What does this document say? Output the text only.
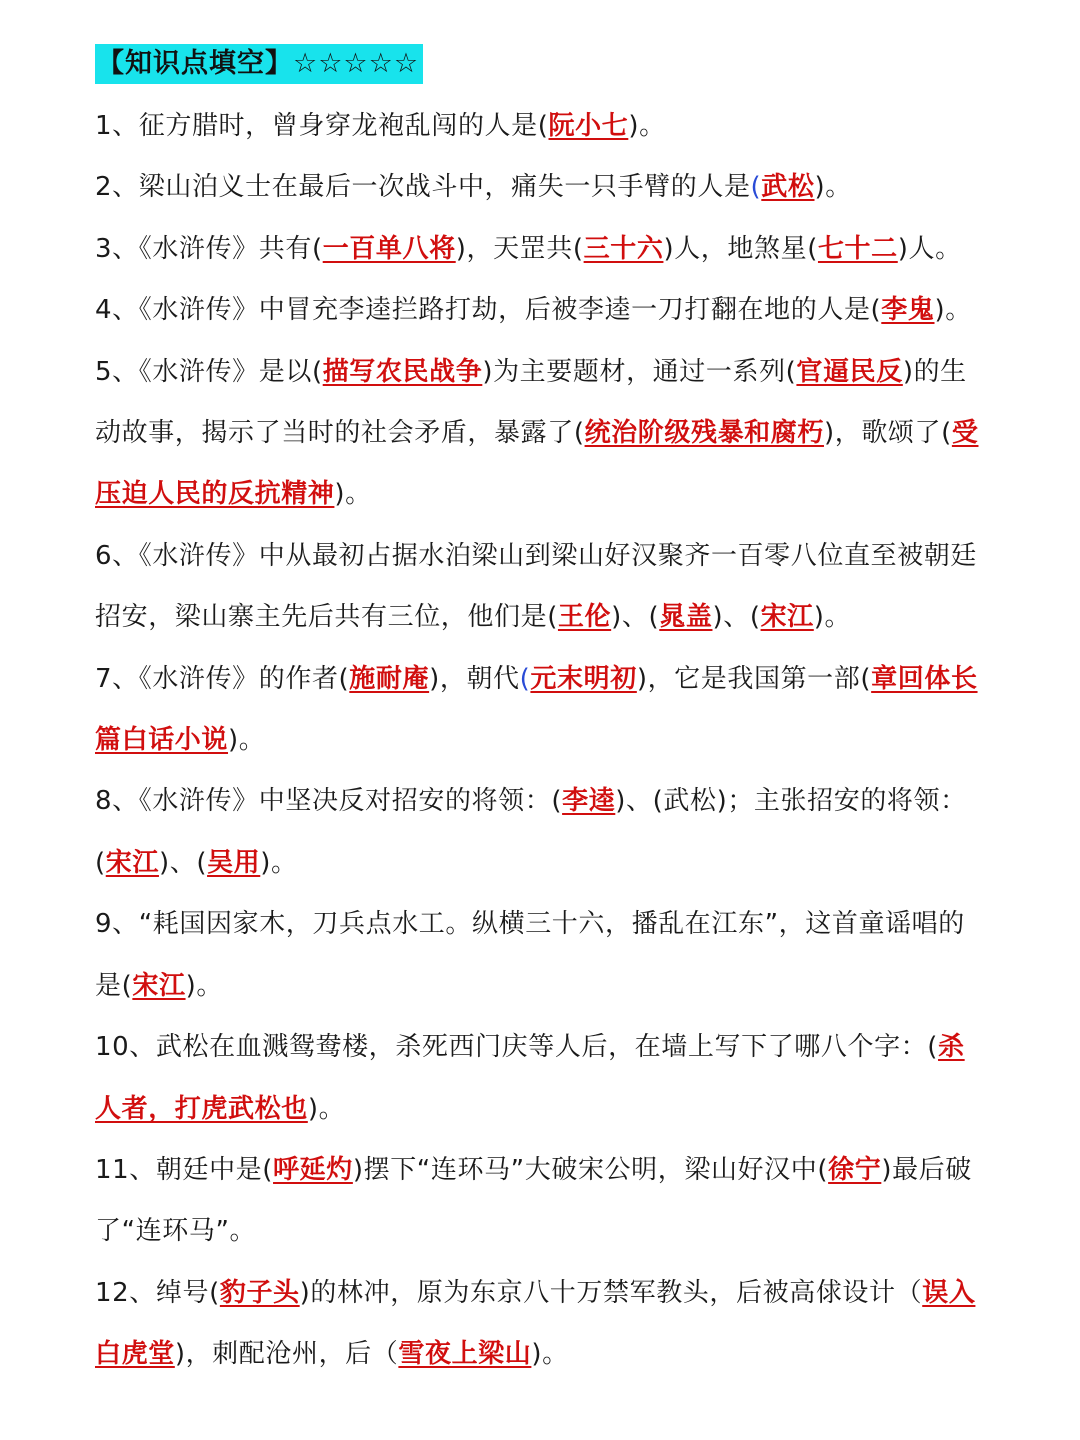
【知识点填空】☆☆☆☆☆
1、征方腊时，曾身穿龙袍乱闯的人是(阮小七)。
2、梁山泊义士在最后一次战斗中，痛失一只手臂的人是(武松)。
3、《水浒传》共有(一百单八将)，天罡共(三十六)人，地煞星(七十二)人。
4、《水浒传》中冒充李逵拦路打劫，后被李逵一刀打翻在地的人是(李鬼)。
5、《水浒传》是以(描写农民战争)为主要题材，通过一系列(官逼民反)的生动故事，揭示了当时的社会矛盾，暴露了(统治阶级残暴和腐朽)，歌颂了(受压迫人民的反抗精神)。
6、《水浒传》中从最初占据水泊梁山到梁山好汉聚齐一百零八位直至被朝廷招安，梁山寨主先后共有三位，他们是(王伦)、(晁盖)、(宋江)。
7、《水浒传》的作者(施耐庵)，朝代(元末明初)，它是我国第一部(章回体长篇白话小说)。
8、《水浒传》中坚决反对招安的将领：(李逵)、(武松)；主张招安的将领：(宋江)、(吴用)。
9、“耗国因家木，刀兵点水工。纵横三十六，播乱在江东”，这首童谣唱的是(宋江)。
10、武松在血溅鸳鸯楼，杀死西门庆等人后，在墙上写下了哪八个字：(杀人者，打虎武松也)。
11、朝廷中是(呼延灼)摆下“连环马”大破宋公明，梁山好汉中(徐宁)最后破了“连环马”。
12、绰号(豹子头)的林冲，原为东京八十万禁军教头，后被高俅设计（误入白虎堂)，刺配沧州，后（雪夜上梁山)。
